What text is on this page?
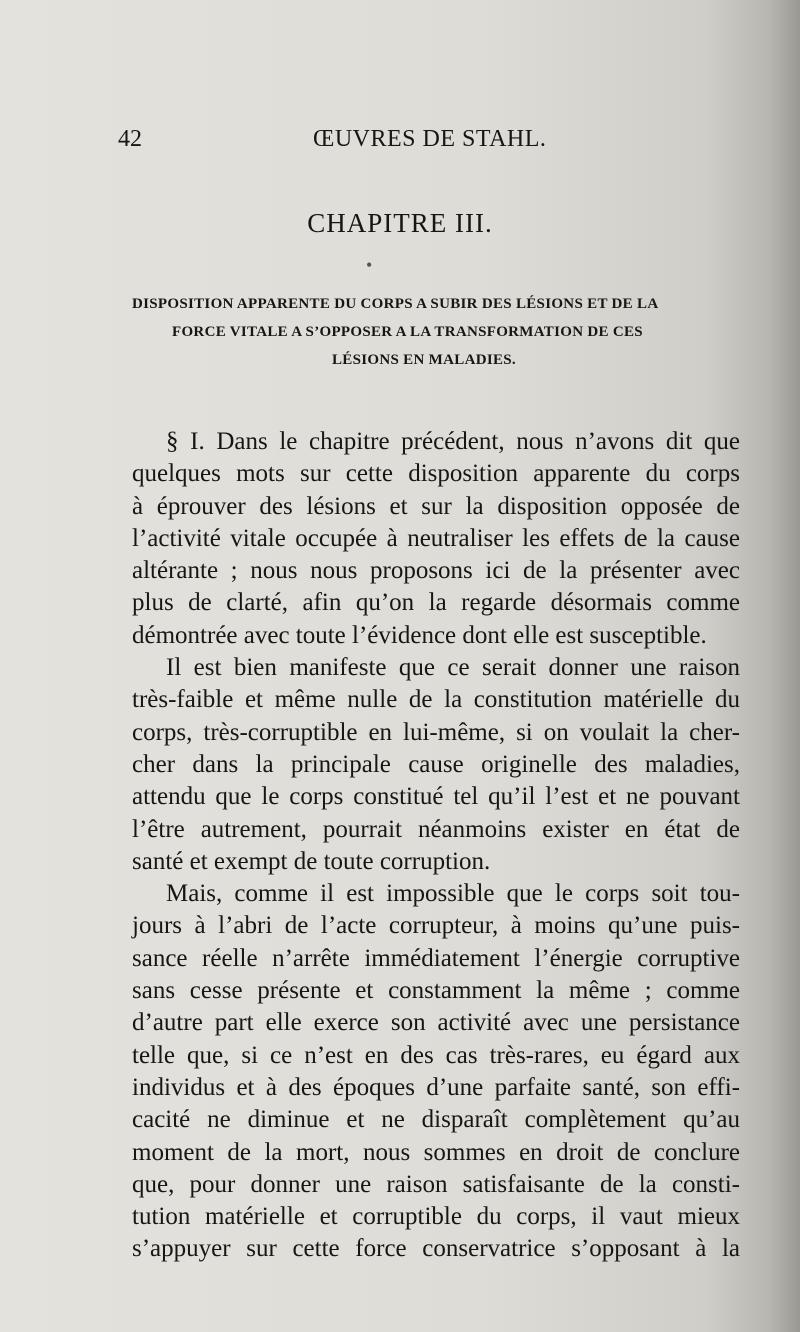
42	ŒUVRES DE STAHL.
CHAPITRE III.
•
DISPOSITION APPARENTE DU CORPS A SUBIR DES LÉSIONS ET DE LA
FORCE VITALE A S’OPPOSER A LA TRANSFORMATION DE CES
LÉSIONS EN MALADIES.
§ I. Dans le chapitre précédent, nous n’avons dit que
quelques mots sur cette disposition apparente du corps
à éprouver des lésions et sur la disposition opposée de
l’activité vitale occupée à neutraliser les effets de la cause
altérante ; nous nous proposons ici de la présenter avec
plus de clarté, afin qu’on la regarde désormais comme
démontrée avec toute l’évidence dont elle est susceptible.
Il est bien manifeste que ce serait donner une raison
très-faible et même nulle de la constitution matérielle du
corps, très-corruptible en lui-même, si on voulait la cher-
cher dans la principale cause originelle des maladies,
attendu que le corps constitué tel qu’il l’est et ne pouvant
l’être autrement, pourrait néanmoins exister en état de
santé et exempt de toute corruption.
Mais, comme il est impossible que le corps soit tou-
jours à l’abri de l’acte corrupteur, à moins qu’une puis-
sance réelle n’arrête immédiatement l’énergie corruptive
sans cesse présente et constamment la même ; comme
d’autre part elle exerce son activité avec une persistance
telle que, si ce n’est en des cas très-rares, eu égard aux
individus et à des époques d’une parfaite santé, son effi-
cacité ne diminue et ne disparaît complètement qu’au
moment de la mort, nous sommes en droit de conclure
que, pour donner une raison satisfaisante de la consti-
tution matérielle et corruptible du corps, il vaut mieux
s’appuyer sur cette force conservatrice s’opposant à la
